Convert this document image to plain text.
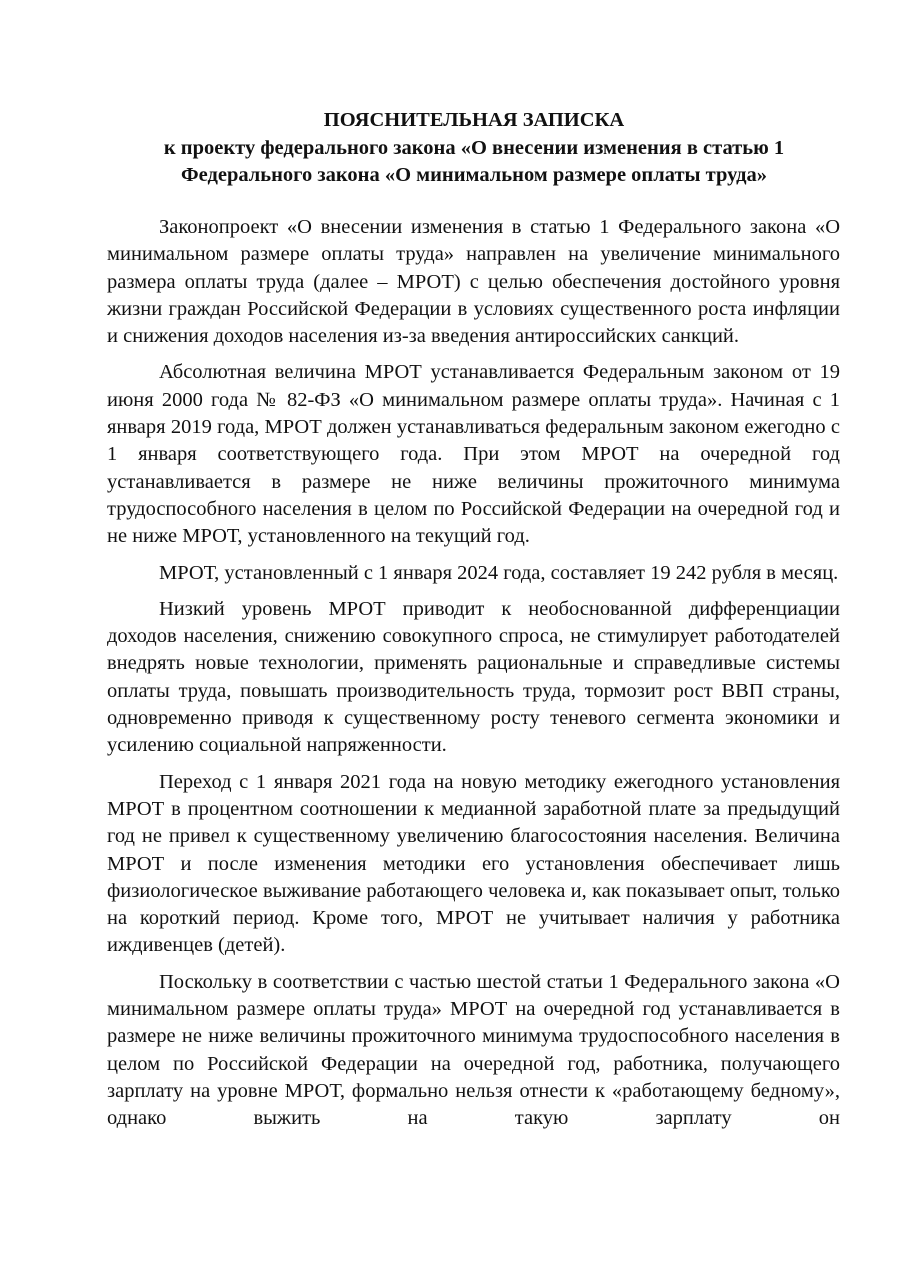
ПОЯСНИТЕЛЬНАЯ ЗАПИСКА
к проекту федерального закона «О внесении изменения в статью 1
Федерального закона «О минимальном размере оплаты труда»

Законопроект «О внесении изменения в статью 1 Федерального закона «О минимальном размере оплаты труда» направлен на увеличение минимального размера оплаты труда (далее – МРОТ) с целью обеспечения достойного уровня жизни граждан Российской Федерации в условиях существенного роста инфляции и снижения доходов населения из-за введения антироссийских санкций.

Абсолютная величина МРОТ устанавливается Федеральным законом от 19 июня 2000 года № 82-ФЗ «О минимальном размере оплаты труда». Начиная с 1 января 2019 года, МРОТ должен устанавливаться федеральным законом ежегодно с 1 января соответствующего года. При этом МРОТ на очередной год устанавливается в размере не ниже величины прожиточного минимума трудоспособного населения в целом по Российской Федерации на очередной год и не ниже МРОТ, установленного на текущий год.

МРОТ, установленный с 1 января 2024 года, составляет 19 242 рубля в месяц.

Низкий уровень МРОТ приводит к необоснованной дифференциации доходов населения, снижению совокупного спроса, не стимулирует работодателей внедрять новые технологии, применять рациональные и справедливые системы оплаты труда, повышать производительность труда, тормозит рост ВВП страны, одновременно приводя к существенному росту теневого сегмента экономики и усилению социальной напряженности.

Переход с 1 января 2021 года на новую методику ежегодного установления МРОТ в процентном соотношении к медианной заработной плате за предыдущий год не привел к существенному увеличению благосостояния населения. Величина МРОТ и после изменения методики его установления обеспечивает лишь физиологическое выживание работающего человека и, как показывает опыт, только на короткий период. Кроме того, МРОТ не учитывает наличия у работника иждивенцев (детей).

Поскольку в соответствии с частью шестой статьи 1 Федерального закона «О минимальном размере оплаты труда» МРОТ на очередной год устанавливается в размере не ниже величины прожиточного минимума трудоспособного населения в целом по Российской Федерации на очередной год, работника, получающего зарплату на уровне МРОТ, формально нельзя отнести к «работающему бедному», однако выжить на такую зарплату он
